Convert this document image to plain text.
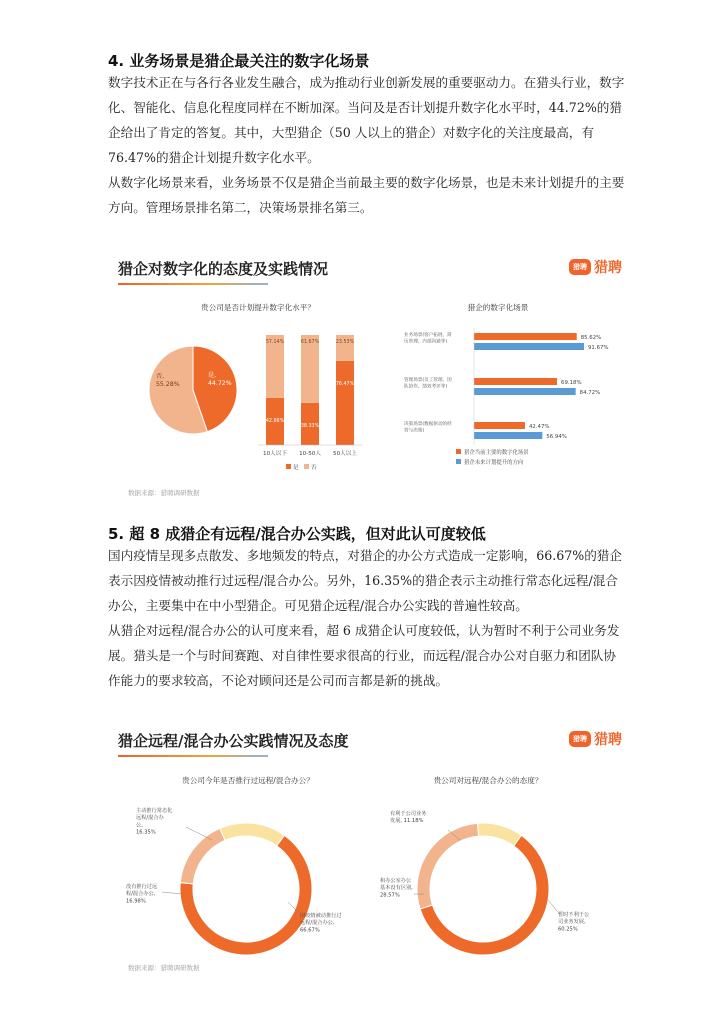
4. 业务场景是猎企最关注的数字化场景

数字技术正在与各行各业发生融合，成为推动行业创新发展的重要驱动力。在猎头行业，数字化、智能化、信息化程度同样在不断加深。当问及是否计划提升数字化水平时，44.72%的猎企给出了肯定的答复。其中，大型猎企（50 人以上的猎企）对数字化的关注度最高，有76.47%的猎企计划提升数字化水平。

从数字化场景来看，业务场景不仅是猎企当前最主要的数字化场景，也是未来计划提升的主要方向。管理场景排名第二，决策场景排名第三。

猎企对数字化的态度及实践情况	猎聘 猎聘
贵公司是否计划提升数字化水平？	猎企的数字化场景
是, 44.72%
否, 55.28%
42.86%
57.14%
10人以下
38.33%
61.67%
10-50人
76.47%
23.53%
50人以上
是 否
业务场景(客户拓展、简历管理、内部沟通等)
85.62%
91.67%
管理场景(员工管理、团队协作、绩效考评等)
69.18%
84.72%
决策场景(数据驱动的经营与决策)
42.47%
56.94%
猎企当前主要的数字化场景
猎企未来计划提升的方向
数据来源：猎聘调研数据
5. 超 8 成猎企有远程/混合办公实践，但对此认可度较低

国内疫情呈现多点散发、多地频发的特点，对猎企的办公方式造成一定影响，66.67%的猎企表示因疫情被动推行过远程/混合办公。另外，16.35%的猎企表示主动推行常态化远程/混合办公，主要集中在中小型猎企。可见猎企远程/混合办公实践的普遍性较高。

从猎企对远程/混合办公的认可度来看，超 6 成猎企认可度较低，认为暂时不利于公司业务发展。猎头是一个与时间赛跑、对自律性要求很高的行业，而远程/混合办公对自驱力和团队协作能力的要求较高，不论对顾问还是公司而言都是新的挑战。

猎企远程/混合办公实践情况及态度	猎聘 猎聘
贵公司今年是否推行过远程/混合办公？	贵公司对远程/混合办公的态度？
因疫情被动推行过远程/混合办公, 66.67%
没有推行过远程/混合办公, 16.98%
主动推行常态化远程/混合办公, 16.35%
暂时不利于公司业务发展, 60.25%
和办公室办公基本没有区别, 28.57%
有利于公司业务发展, 11.18%
数据来源：猎聘调研数据
